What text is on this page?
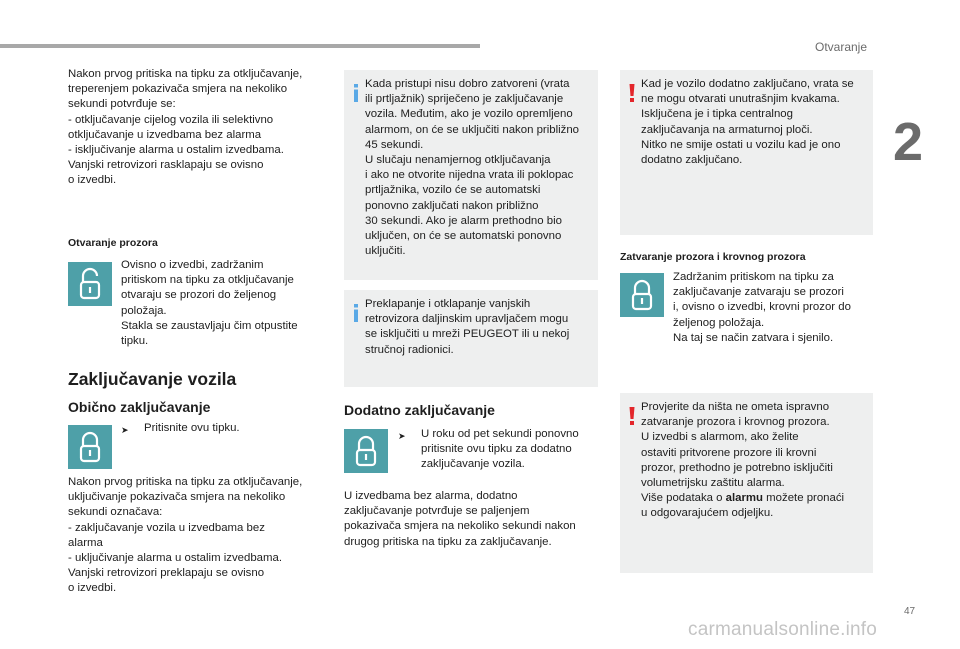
Otvaranje
2
Nakon prvog pritiska na tipku za otključavanje,
treperenjem pokazivača smjera na nekoliko
sekundi potvrđuje se:
- otključavanje cijelog vozila ili selektivno
otključavanje u izvedbama bez alarma
- isključivanje alarma u ostalim izvedbama.
Vanjski retrovizori rasklapaju se ovisno
o izvedbi.
Otvaranje prozora
Ovisno o izvedbi, zadržanim
pritiskom na tipku za otključavanje
otvaraju se prozori do željenog
položaja.
Stakla se zaustavljaju čim otpustite
tipku.
Zaključavanje vozila
Obično zaključavanje
➤ Pritisnite ovu tipku.
Nakon prvog pritiska na tipku za otključavanje,
uključivanje pokazivača smjera na nekoliko
sekundi označava:
- zaključavanje vozila u izvedbama bez
alarma
- uključivanje alarma u ostalim izvedbama.
Vanjski retrovizori preklapaju se ovisno
o izvedbi.
Kada pristupi nisu dobro zatvoreni (vrata
ili prtljažnik) spriječeno je zaključavanje
vozila. Međutim, ako je vozilo opremljeno
alarmom, on će se uključiti nakon približno
45 sekundi.
U slučaju nenamjernog otključavanja
i ako ne otvorite nijedna vrata ili poklopac
prtljažnika, vozilo će se automatski
ponovno zaključati nakon približno
30 sekundi. Ako je alarm prethodno bio
uključen, on će se automatski ponovno
uključiti.
Preklapanje i otklapanje vanjskih
retrovizora daljinskim upravljačem mogu
se isključiti u mreži PEUGEOT ili u nekoj
stručnoj radionici.
Dodatno zaključavanje
➤ U roku od pet sekundi ponovno
pritisnite ovu tipku za dodatno
zaključavanje vozila.
U izvedbama bez alarma, dodatno
zaključavanje potvrđuje se paljenjem
pokazivača smjera na nekoliko sekundi nakon
drugog pritiska na tipku za zaključavanje.
Kad je vozilo dodatno zaključano, vrata se
ne mogu otvarati unutrašnjim kvakama.
Isključena je i tipka centralnog
zaključavanja na armaturnoj ploči.
Nitko ne smije ostati u vozilu kad je ono
dodatno zaključano.
Zatvaranje prozora i krovnog prozora
Zadržanim pritiskom na tipku za
zaključavanje zatvaraju se prozori
i, ovisno o izvedbi, krovni prozor do
željenog položaja.
Na taj se način zatvara i sjenilo.
Provjerite da ništa ne ometa ispravno
zatvaranje prozora i krovnog prozora.
U izvedbi s alarmom, ako želite
ostaviti pritvorene prozore ili krovni
prozor, prethodno je potrebno isključiti
volumetrijsku zaštitu alarma.
Više podataka o alarmu možete pronaći
u odgovarajućem odjeljku.
47
carmanualsonline.info
